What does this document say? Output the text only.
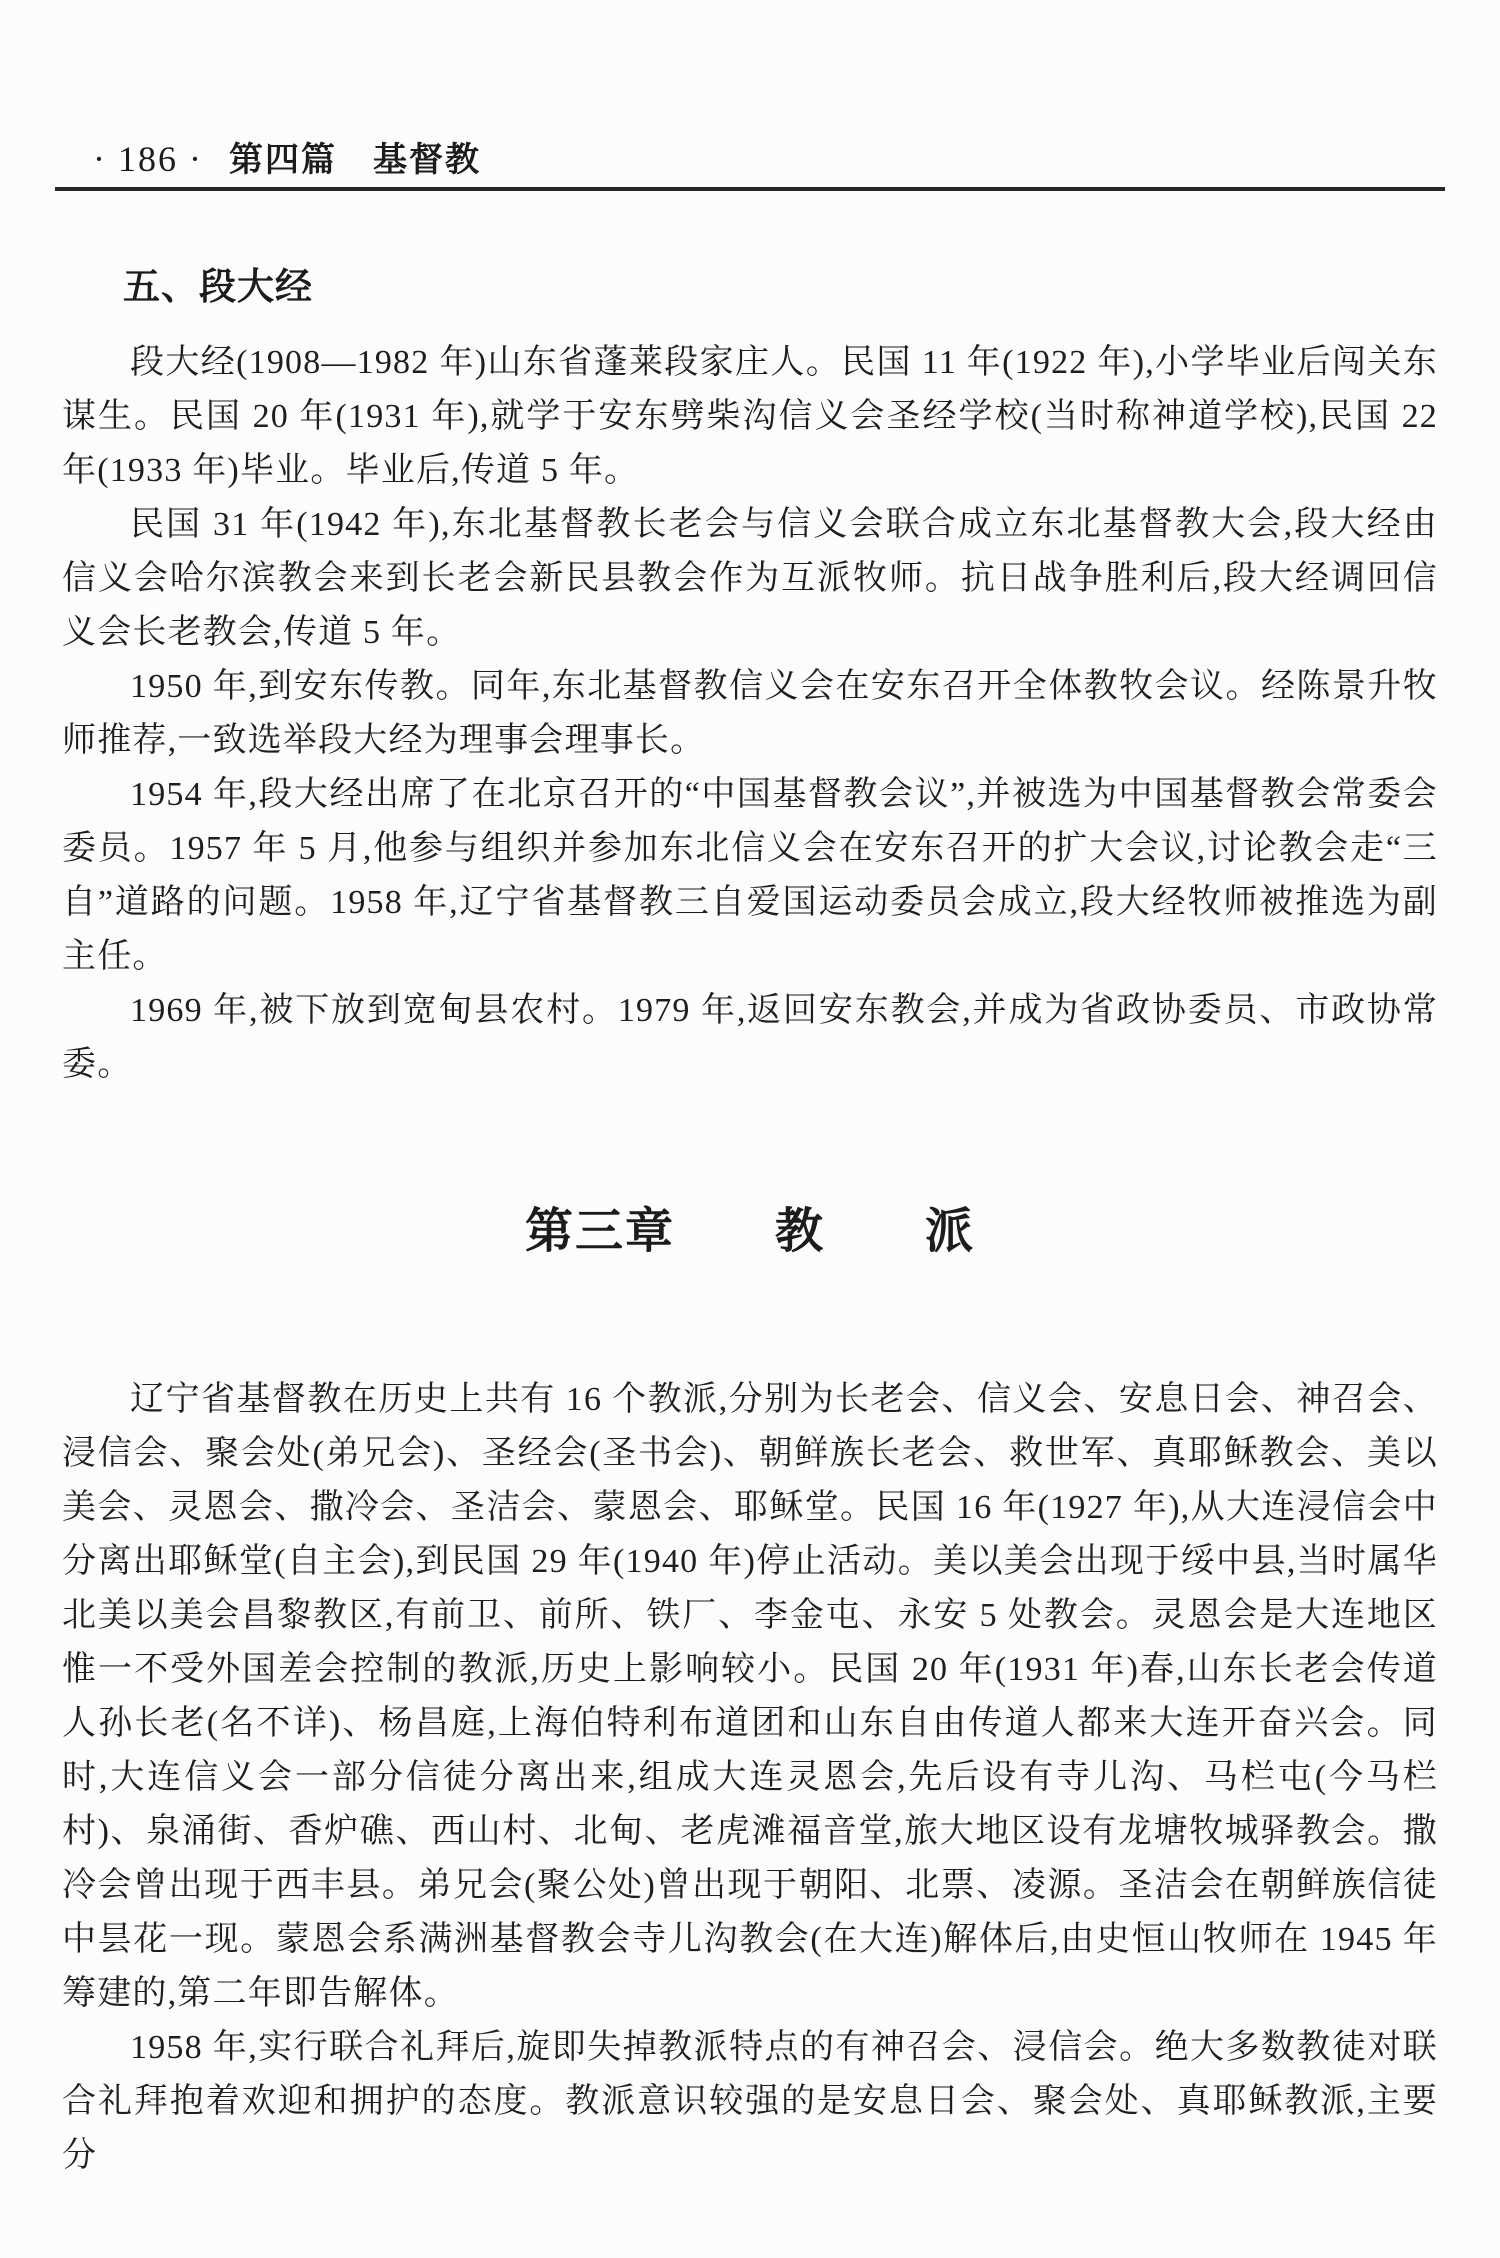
· 186 · 第四篇　基督教
五、段大经

段大经(1908—1982 年)山东省蓬莱段家庄人。民国 11 年(1922 年),小学毕业后闯关东谋生。民国 20 年(1931 年),就学于安东劈柴沟信义会圣经学校(当时称神道学校),民国 22 年(1933 年)毕业。毕业后,传道 5 年。

民国 31 年(1942 年),东北基督教长老会与信义会联合成立东北基督教大会,段大经由信义会哈尔滨教会来到长老会新民县教会作为互派牧师。抗日战争胜利后,段大经调回信义会长老教会,传道 5 年。

1950 年,到安东传教。同年,东北基督教信义会在安东召开全体教牧会议。经陈景升牧师推荐,一致选举段大经为理事会理事长。

1954 年,段大经出席了在北京召开的“中国基督教会议”,并被选为中国基督教会常委会委员。1957 年 5 月,他参与组织并参加东北信义会在安东召开的扩大会议,讨论教会走“三自”道路的问题。1958 年,辽宁省基督教三自爱国运动委员会成立,段大经牧师被推选为副主任。

1969 年,被下放到宽甸县农村。1979 年,返回安东教会,并成为省政协委员、市政协常委。

第三章　　教　　派

辽宁省基督教在历史上共有 16 个教派,分别为长老会、信义会、安息日会、神召会、浸信会、聚会处(弟兄会)、圣经会(圣书会)、朝鲜族长老会、救世军、真耶稣教会、美以美会、灵恩会、撒冷会、圣洁会、蒙恩会、耶稣堂。民国 16 年(1927 年),从大连浸信会中分离出耶稣堂(自主会),到民国 29 年(1940 年)停止活动。美以美会出现于绥中县,当时属华北美以美会昌黎教区,有前卫、前所、铁厂、李金屯、永安 5 处教会。灵恩会是大连地区惟一不受外国差会控制的教派,历史上影响较小。民国 20 年(1931 年)春,山东长老会传道人孙长老(名不详)、杨昌庭,上海伯特利布道团和山东自由传道人都来大连开奋兴会。同时,大连信义会一部分信徒分离出来,组成大连灵恩会,先后设有寺儿沟、马栏屯(今马栏村)、泉涌街、香炉礁、西山村、北甸、老虎滩福音堂,旅大地区设有龙塘牧城驿教会。撒冷会曾出现于西丰县。弟兄会(聚公处)曾出现于朝阳、北票、凌源。圣洁会在朝鲜族信徒中昙花一现。蒙恩会系满洲基督教会寺儿沟教会(在大连)解体后,由史恒山牧师在 1945 年筹建的,第二年即告解体。

1958 年,实行联合礼拜后,旋即失掉教派特点的有神召会、浸信会。绝大多数教徒对联合礼拜抱着欢迎和拥护的态度。教派意识较强的是安息日会、聚会处、真耶稣教派,主要分
